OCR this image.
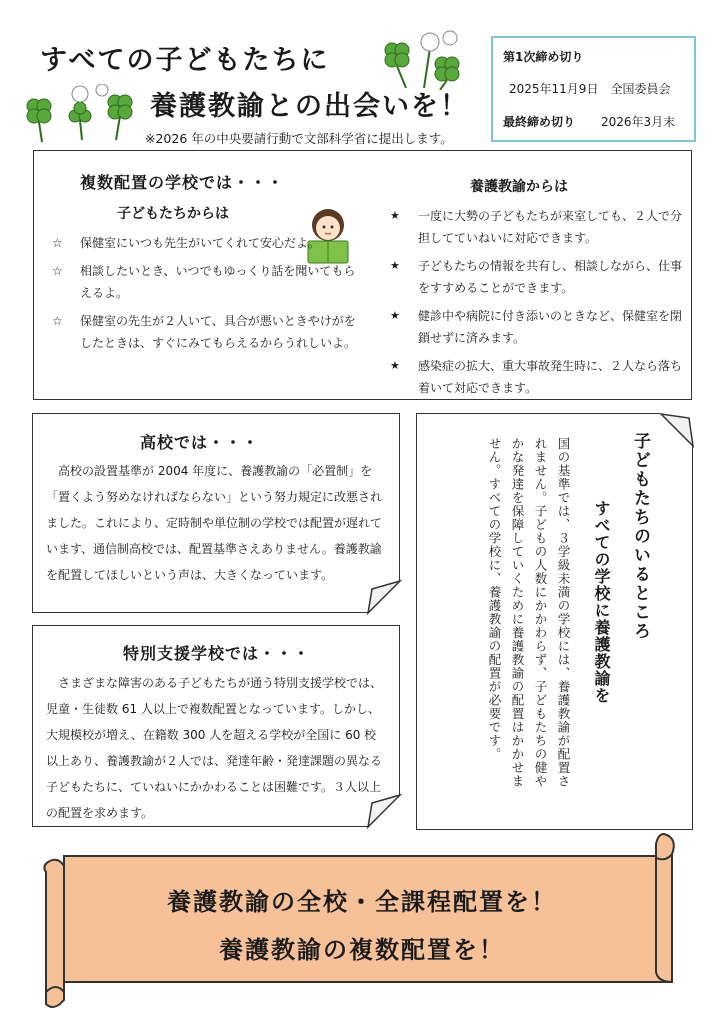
すべての子どもたちに
養護教諭との出会いを！
※2026 年の中央要請行動で文部科学省に提出します。
第1次締め切り
2025年11月9日　全国委員会
最終締め切り 2026年3月末
複数配置の学校では・・・
子どもたちからは
☆ 保健室にいつも先生がいてくれて安心だよ。
☆ 相談したいとき、いつでもゆっくり話を聞いてもらえるよ。
☆ 保健室の先生が２人いて、具合が悪いときやけがをしたときは、すぐにみてもらえるからうれしいよ。
養護教諭からは
★ 一度に大勢の子どもたちが来室しても、２人で分担してていねいに対応できます。
★ 子どもたちの情報を共有し、相談しながら、仕事をすすめることができます。
★ 健診中や病院に付き添いのときなど、保健室を閉鎖せずに済みます。
★ 感染症の拡大、重大事故発生時に、２人なら落ち着いて対応できます。
高校では・・・

高校の設置基準が 2004 年度に、養護教諭の「必置制」を「置くよう努めなければならない」という努力規定に改悪されました。これにより、定時制や単位制の学校では配置が遅れています、通信制高校では、配置基準さえありません。養護教諭を配置してほしいという声は、大きくなっています。

特別支援学校では・・・

さまざまな障害のある子どもたちが通う特別支援学校では、児童・生徒数 61 人以上で複数配置となっています。しかし、大規模校が増え、在籍数 300 人を超える学校が全国に 60 校以上あり、養護教諭が２人では、発達年齢・発達課題の異なる子どもたちに、ていねいにかかわることは困難です。３人以上の配置を求めます。

子どもたちのいるところ
すべての学校に養護教諭を
国の基準では、３学級未満の学校には、養護教諭が配置されません。子どもの人数にかかわらず、子どもたちの健やかな発達を保障していくために養護教諭の配置はかかせません。すべての学校に、養護教諭の配置が必要です。
養護教諭の全校・全課程配置を！
養護教諭の複数配置を！
